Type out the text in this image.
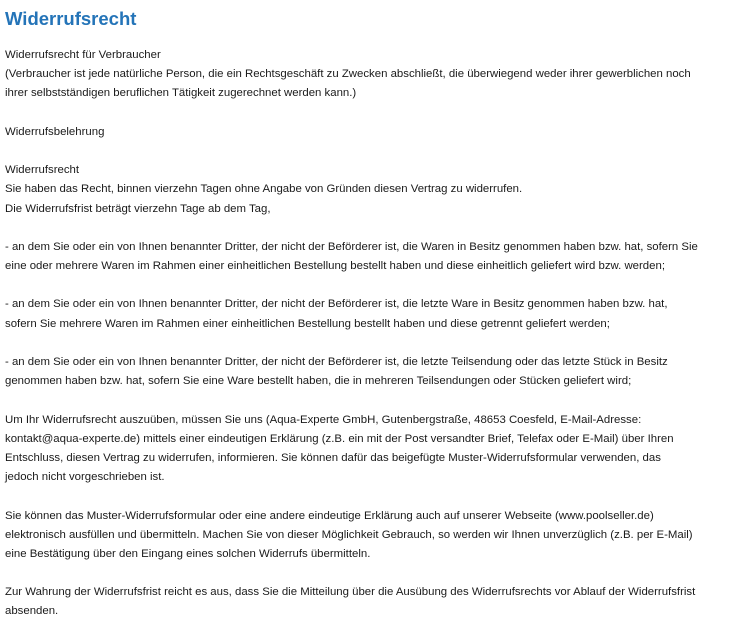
Widerrufsrecht
Widerrufsrecht für Verbraucher
(Verbraucher ist jede natürliche Person, die ein Rechtsgeschäft zu Zwecken abschließt, die überwiegend weder ihrer gewerblichen noch
ihrer selbstständigen beruflichen Tätigkeit zugerechnet werden kann.)
Widerrufsbelehrung
Widerrufsrecht
Sie haben das Recht, binnen vierzehn Tagen ohne Angabe von Gründen diesen Vertrag zu widerrufen.
Die Widerrufsfrist beträgt vierzehn Tage ab dem Tag,
- an dem Sie oder ein von Ihnen benannter Dritter, der nicht der Beförderer ist, die Waren in Besitz genommen haben bzw. hat, sofern Sie
eine oder mehrere Waren im Rahmen einer einheitlichen Bestellung bestellt haben und diese einheitlich geliefert wird bzw. werden;
- an dem Sie oder ein von Ihnen benannter Dritter, der nicht der Beförderer ist, die letzte Ware in Besitz genommen haben bzw. hat,
sofern Sie mehrere Waren im Rahmen einer einheitlichen Bestellung bestellt haben und diese getrennt geliefert werden;
- an dem Sie oder ein von Ihnen benannter Dritter, der nicht der Beförderer ist, die letzte Teilsendung oder das letzte Stück in Besitz
genommen haben bzw. hat, sofern Sie eine Ware bestellt haben, die in mehreren Teilsendungen oder Stücken geliefert wird;
Um Ihr Widerrufsrecht auszuüben, müssen Sie uns (Aqua-Experte GmbH, Gutenbergstraße, 48653 Coesfeld, E-Mail-Adresse:
kontakt@aqua-experte.de) mittels einer eindeutigen Erklärung (z.B. ein mit der Post versandter Brief, Telefax oder E-Mail) über Ihren
Entschluss, diesen Vertrag zu widerrufen, informieren. Sie können dafür das beigefügte Muster-Widerrufsformular verwenden, das
jedoch nicht vorgeschrieben ist.
Sie können das Muster-Widerrufsformular oder eine andere eindeutige Erklärung auch auf unserer Webseite (www.poolseller.de)
elektronisch ausfüllen und übermitteln. Machen Sie von dieser Möglichkeit Gebrauch, so werden wir Ihnen unverzüglich (z.B. per E-Mail)
eine Bestätigung über den Eingang eines solchen Widerrufs übermitteln.
Zur Wahrung der Widerrufsfrist reicht es aus, dass Sie die Mitteilung über die Ausübung des Widerrufsrechts vor Ablauf der Widerrufsfrist
absenden.
